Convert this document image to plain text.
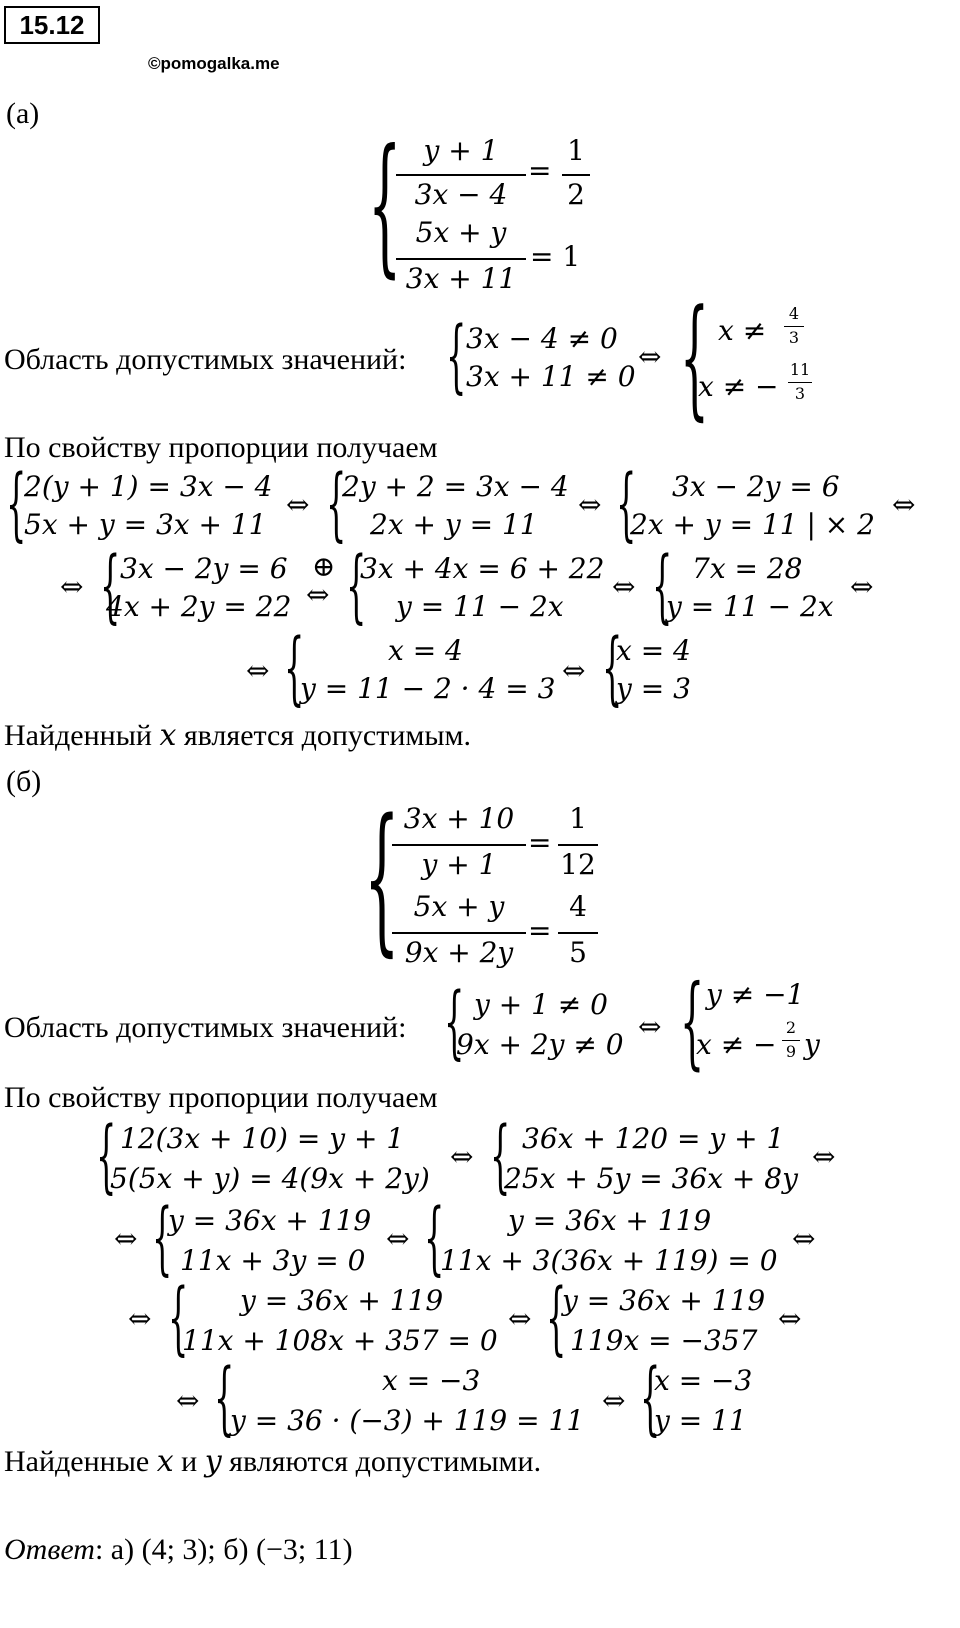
15.12
©pomogalka.me
(а)
{ y + 1
3x − 4
=
1
2
5x + y
3x + 11
= 1
Область допустимых значений: { 3x − 4 ≠ 0
3x + 11 ≠ 0
⇔ { x ≠
4
3
x ≠ −
11
3
По свойству пропорции получаем
{
2(y + 1) = 3x − 4
5x + y = 3x + 11
⇔ {
2y + 2 = 3x − 4
2x + y = 11
⇔ { 3x − 2y = 6
2x + y = 11 | × 2
⇔
⇔ { 3x − 2y = 6
4x + 2y = 22
⊕
⇔ {
3x + 4x = 6 + 22
y = 11 − 2x
⇔ { 7x = 28
y = 11 − 2x
⇔
⇔ {	x = 4
y = 11 − 2 · 4 = 3
⇔ {
x = 4
y = 3
Найденный x является допустимым.
(б)
{ 3x + 10
y + 1
=
1
12
5x + y
9x + 2y
=
4
5
Область допустимых значений: { y + 1 ≠ 0
9x + 2y ≠ 0
⇔ { y ≠ −1
x ≠ −
2
9 y
По свойству пропорции получаем
{ 12(3x + 10) = y + 1
5(5x + y) = 4(9x + 2y)
⇔ { 36x + 120 = y + 1
25x + 5y = 36x + 8y
⇔
⇔ {
y = 36x + 119
11x + 3y = 0
⇔ { y = 36x + 119
11x + 3(36x + 119) = 0
⇔
⇔ { y = 36x + 119
11x + 108x + 357 = 0
⇔ {
y = 36x + 119
119x = −357
⇔
⇔ {	x = −3
y = 36 · (−3) + 119 = 11
⇔ {
x = −3
y = 11
Найденные x и y являются допустимыми.
Ответ: а) (4; 3); б) (−3; 11)
